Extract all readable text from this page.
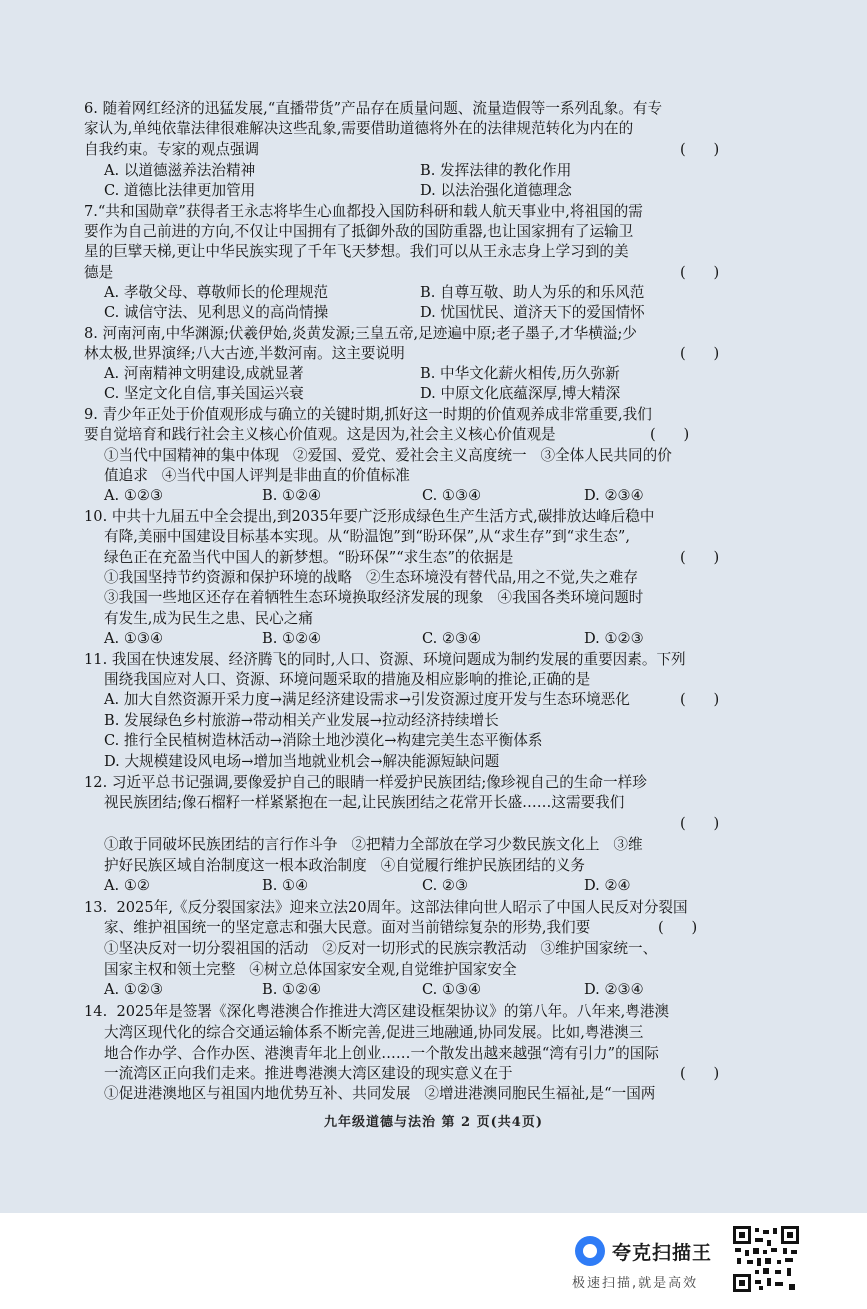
6. 随着网红经济的迅猛发展,“直播带货”产品存在质量问题、流量造假等一系列乱象。有专
家认为,单纯依靠法律很难解决这些乱象,需要借助道德将外在的法律规范转化为内在的
自我约束。专家的观点强调	(      )
A. 以道德滋养法治精神	B. 发挥法律的教化作用
C. 道德比法律更加管用	D. 以法治强化道德理念
7.“共和国勋章”获得者王永志将毕生心血都投入国防科研和载人航天事业中,将祖国的需
要作为自己前进的方向,不仅让中国拥有了抵御外敌的国防重器,也让国家拥有了运输卫
星的巨擘天梯,更让中华民族实现了千年飞天梦想。我们可以从王永志身上学习到的美
德是	(      )
A. 孝敬父母、尊敬师长的伦理规范	B. 自尊互敬、助人为乐的和乐风范
C. 诚信守法、见利思义的高尚情操	D. 忧国忧民、道济天下的爱国情怀
8. 河南河南,中华渊源;伏羲伊始,炎黄发源;三皇五帝,足迹遍中原;老子墨子,才华横溢;少
林太极,世界演绎;八大古迹,半数河南。这主要说明	(      )
A. 河南精神文明建设,成就显著	B. 中华文化薪火相传,历久弥新
C. 坚定文化自信,事关国运兴衰	D. 中原文化底蕴深厚,博大精深
9. 青少年正处于价值观形成与确立的关键时期,抓好这一时期的价值观养成非常重要,我们
要自觉培育和践行社会主义核心价值观。这是因为,社会主义核心价值观是	(      )
①当代中国精神的集中体现   ②爱国、爱党、爱社会主义高度统一   ③全体人民共同的价
值追求   ④当代中国人评判是非曲直的价值标准
A. ①②③	B. ①②④	C. ①③④	D. ②③④
10. 中共十九届五中全会提出,到2035年要广泛形成绿色生产生活方式,碳排放达峰后稳中
有降,美丽中国建设目标基本实现。从“盼温饱”到“盼环保”,从“求生存”到“求生态”,
绿色正在充盈当代中国人的新梦想。“盼环保”“求生态”的依据是	(      )
①我国坚持节约资源和保护环境的战略   ②生态环境没有替代品,用之不觉,失之难存
③我国一些地区还存在着牺牲生态环境换取经济发展的现象   ④我国各类环境问题时
有发生,成为民生之患、民心之痛
A. ①③④	B. ①②④	C. ②③④	D. ①②③
11. 我国在快速发展、经济腾飞的同时,人口、资源、环境问题成为制约发展的重要因素。下列
围绕我国应对人口、资源、环境问题采取的措施及相应影响的推论,正确的是
(      )
A. 加大自然资源开采力度→满足经济建设需求→引发资源过度开发与生态环境恶化
B. 发展绿色乡村旅游→带动相关产业发展→拉动经济持续增长
C. 推行全民植树造林活动→消除土地沙漠化→构建完美生态平衡体系
D. 大规模建设风电场→增加当地就业机会→解决能源短缺问题
12. 习近平总书记强调,要像爱护自己的眼睛一样爱护民族团结;像珍视自己的生命一样珍
视民族团结;像石榴籽一样紧紧抱在一起,让民族团结之花常开长盛……这需要我们
(      )
①敢于同破坏民族团结的言行作斗争   ②把精力全部放在学习少数民族文化上   ③维
护好民族区域自治制度这一根本政治制度   ④自觉履行维护民族团结的义务
A. ①②	B. ①④	C. ②③	D. ②④
13.  2025年,《反分裂国家法》迎来立法20周年。这部法律向世人昭示了中国人民反对分裂国
家、维护祖国统一的坚定意志和强大民意。面对当前错综复杂的形势,我们要	(      )
①坚决反对一切分裂祖国的活动   ②反对一切形式的民族宗教活动   ③维护国家统一、
国家主权和领土完整   ④树立总体国家安全观,自觉维护国家安全
A. ①②③	B. ①②④	C. ①③④	D. ②③④
14.  2025年是签署《深化粤港澳合作推进大湾区建设框架协议》的第八年。八年来,粤港澳
大湾区现代化的综合交通运输体系不断完善,促进三地融通,协同发展。比如,粤港澳三
地合作办学、合作办医、港澳青年北上创业……一个散发出越来越强“湾有引力”的国际
一流湾区正向我们走来。推进粤港澳大湾区建设的现实意义在于	(      )
①促进港澳地区与祖国内地优势互补、共同发展   ②增进港澳同胞民生福祉,是“一国两
九年级道德与法治 第 2 页(共4页)
夸克扫描王
极速扫描,就是高效
